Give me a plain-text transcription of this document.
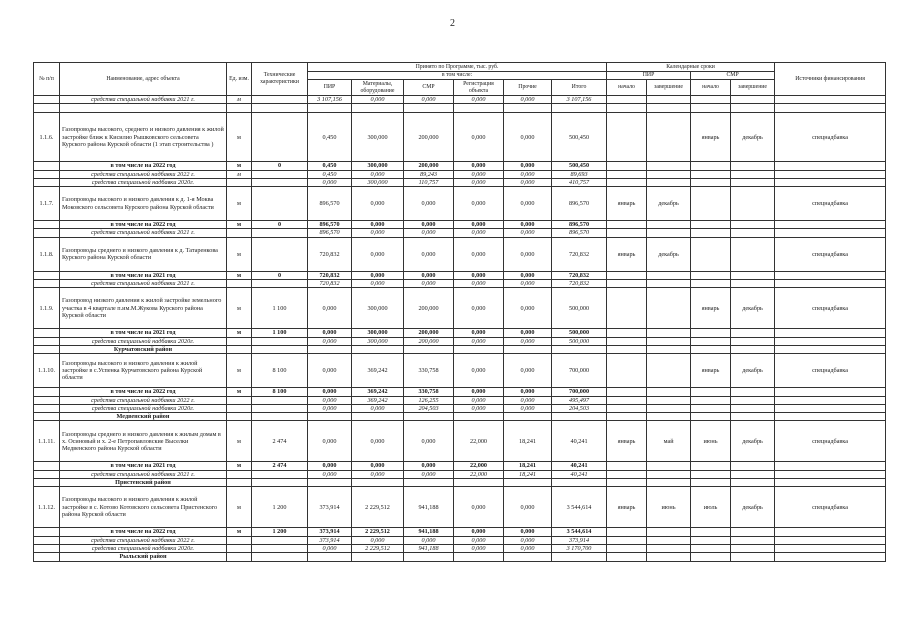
2
№ п/п	Наименование, адрес объекта	Ед. изм.	Технические характеристики	Принято по Программе, тыс. руб.						Календарные сроки				Источники финансирования
				в том числе:						ПИР		СМР		
				ПИР	Материалы, оборудование	СМР	Регистрация объекта	Прочие	Итого	начало	завершение	начало	завершение	
	средства специальной надбавки 2021 г.	м		3 107,156	0,000	0,000	0,000	0,000	3 107,156					

1.1.6.	Газопроводы высокого, среднего и низкого давления к жилой застройке ближ к Кисилио Рышковского сельсовета Курского района Курской области (1 этап строительства )	м		0,450	300,000	200,000	0,000	0,000	500,450			январь	декабрь	спецнадбавка
	в том числе на 2022 год	м	0	0,450	300,000	200,000	0,000	0,000	500,450					
	средства специальной надбавки 2022 г.	м		0,450	0,000	89,243	0,000	0,000	89,693					
	средства специальной надбавки 2020г.			0,000	300,000	110,757	0,000	0,000	410,757					
1.1.7.	Газопроводы высокого и низкого давления к д. 1-я Моква Моковского сельсовета Курского района Курской области	м		896,570	0,000	0,000	0,000	0,000	896,570	январь	декабрь			спецнадбавка
	в том числе на 2022 год	м	0	896,570	0,000	0,000	0,000	0,000	896,570					
	средства специальной надбавки 2021 г.			896,570	0,000	0,000	0,000	0,000	896,570					
1.1.8.	Газопроводы среднего и низкого давления к д. Татаренкова Курского района Курской области	м		720,832	0,000	0,000	0,000	0,000	720,832	январь	декабрь			спецнадбавка
	в том числе на 2021 год	м	0	720,832	0,000	0,000	0,000	0,000	720,832					
	средства специальной надбавки 2021 г.			720,832	0,000	0,000	0,000	0,000	720,832					
1.1.9.	Газопровод низкого давления к жилой застройке земельного участка в 4 квартале п.им.М.Жукова Курского района Курской области	м	1 100	0,000	300,000	200,000	0,000	0,000	500,000			январь	декабрь	спецнадбавка
	в том числе на 2021 год	м	1 100	0,000	300,000	200,000	0,000	0,000	500,000					
	средства специальной надбавки 2020г.			0,000	300,000	200,000	0,000	0,000	500,000					
	Курчатовский район													
1.1.10.	Газопроводы высокого и низкого давления к жилой застройке в с.Успенка Курчатовского района Курской области	м	8 100	0,000	369,242	330,758	0,000	0,000	700,000			январь	декабрь	спецнадбавка
	в том числе на 2022 год	м	8 100	0,000	369,242	330,758	0,000	0,000	700,000					
	средства специальной надбавки 2022 г.			0,000	369,242	126,255	0,000	0,000	495,497					
	средства специальной надбавки 2020г.			0,000	0,000	204,503	0,000	0,000	204,503					
	Медвенский район													
1.1.11.	Газопроводы среднего и низкого давления к жилым домам в х. Осиновый и х. 2-е Петропавловские Выселки Медвенского района Курской области	м	2 474	0,000	0,000	0,000	22,000	18,241	40,241	январь	май	июнь	декабрь	спецнадбавка
	в том числе на 2021 год	м	2 474	0,000	0,000	0,000	22,000	18,241	40,241					
	средства специальной надбавки 2021 г.			0,000	0,000	0,000	22,000	18,241	40,241					
	Пристенский район													
1.1.12.	Газопроводы высокого и низкого давления к жилой застройке в с. Котово Котовского сельсовета Пристенского района Курской области	м	1 200	373,914	2 229,512	941,188	0,000	0,000	3 544,614	январь	июнь	июль	декабрь	спецнадбавка
	в том числе на 2022 год	м	1 200	373,914	2 229,512	941,188	0,000	0,000	3 544,614					
	средства специальной надбавки 2022 г.			373,914	0,000	0,000	0,000	0,000	373,914					
	средства специальной надбавки 2020г.			0,000	2 229,512	941,188	0,000	0,000	3 170,700					
	Рыльский район													
